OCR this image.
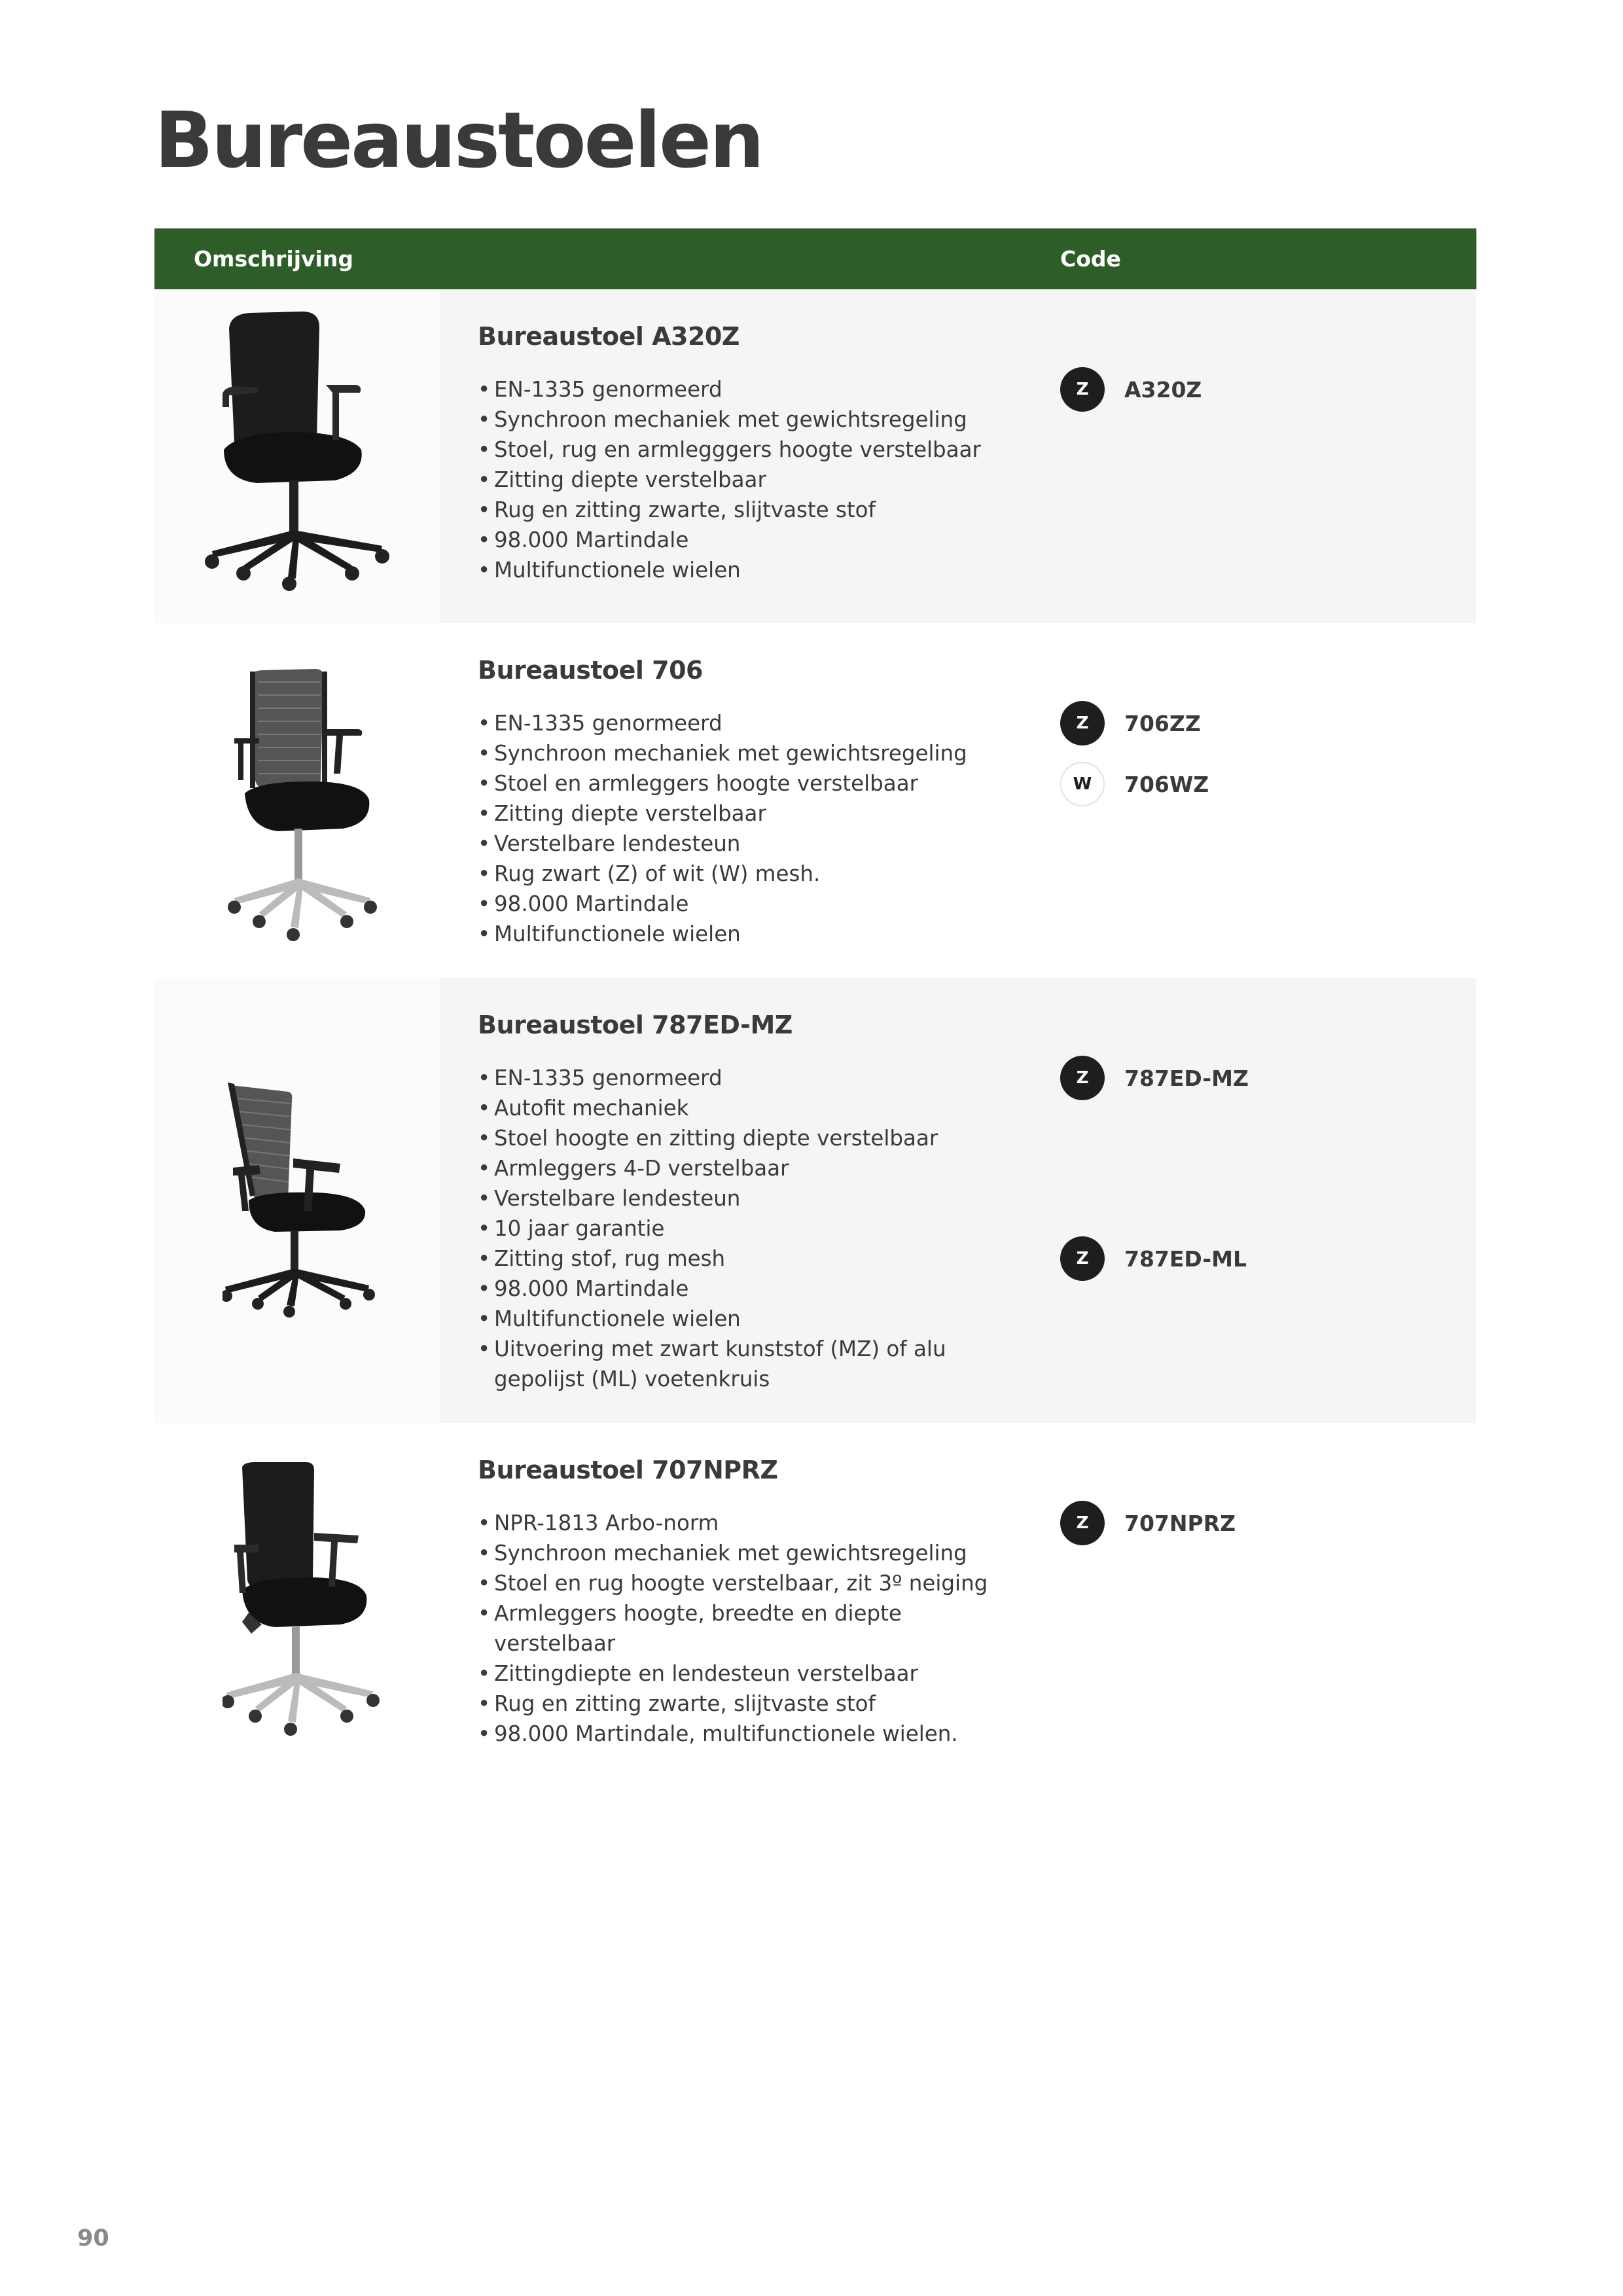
Bureaustoelen
Omschrijving	Code
Bureaustoel A320Z
• EN-1335 genormeerd
• Synchroon mechaniek met gewichtsregeling
• Stoel, rug en armlegggers hoogte verstelbaar
• Zitting diepte verstelbaar
• Rug en zitting zwarte, slijtvaste stof
• 98.000 Martindale
• Multifunctionele wielen
Z	A320Z
Bureaustoel 706
• EN-1335 genormeerd
• Synchroon mechaniek met gewichtsregeling
• Stoel en armleggers hoogte verstelbaar
• Zitting diepte verstelbaar
• Verstelbare lendesteun
• Rug zwart (Z) of wit (W) mesh.
• 98.000 Martindale
• Multifunctionele wielen
Z	706ZZ
W	706WZ
Bureaustoel 787ED-MZ
• EN-1335 genormeerd
• Autofit mechaniek
• Stoel hoogte en zitting diepte verstelbaar
• Armleggers 4-D verstelbaar
• Verstelbare lendesteun
• 10 jaar garantie
• Zitting stof, rug mesh
• 98.000 Martindale
• Multifunctionele wielen
• Uitvoering met zwart kunststof (MZ) of alu gepolijst (ML) voetenkruis
Z	787ED-MZ
Z	787ED-ML
Bureaustoel 707NPRZ
• NPR-1813 Arbo-norm
• Synchroon mechaniek met gewichtsregeling
• Stoel en rug hoogte verstelbaar, zit 3º neiging
• Armleggers hoogte, breedte en diepte verstelbaar
• Zittingdiepte en lendesteun verstelbaar
• Rug en zitting zwarte, slijtvaste stof
• 98.000 Martindale, multifunctionele wielen.
Z	707NPRZ
90
